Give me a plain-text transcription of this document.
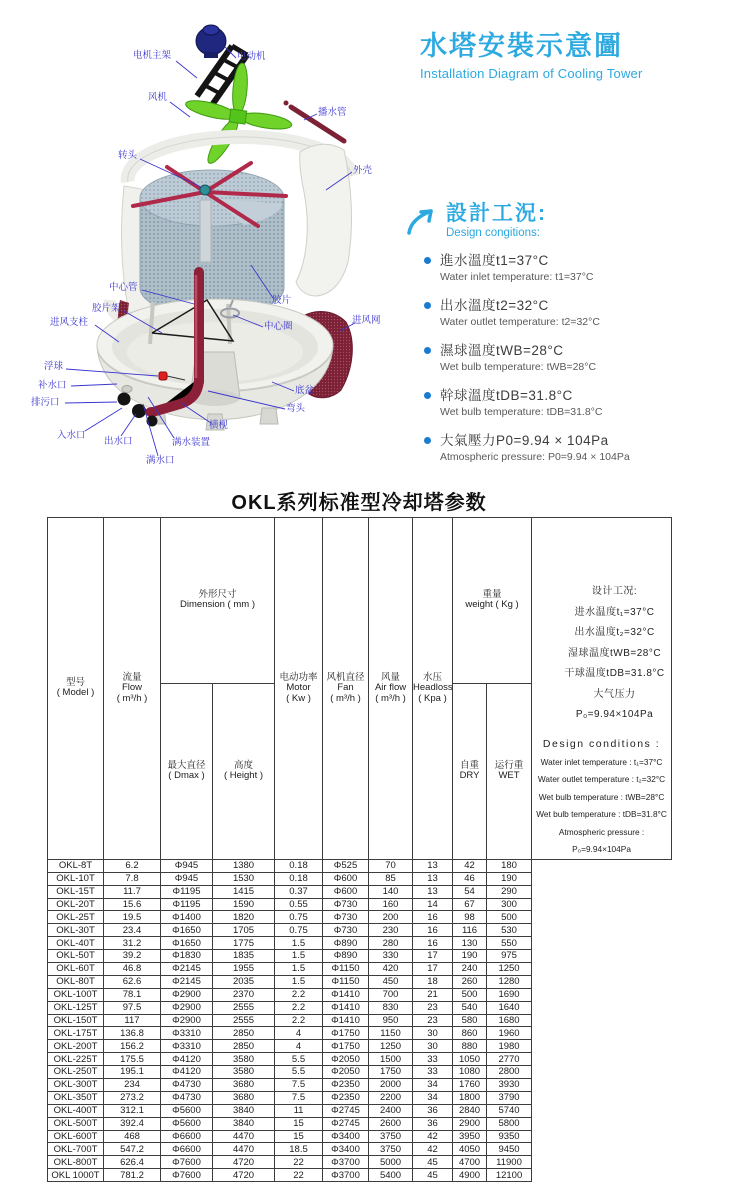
电机主架	电动机
风机
播水管
转头
外壳
中心管
胶片
胶片架
进风支柱	中心圈
进风网
浮球
补水口
排污口
入水口
出水口	满水装置
满水口
底盆
弯头
横枧
水塔安裝示意圖
Installation Diagram of Cooling Tower
設計工況:
Design congitions:
進水溫度t1=37°C
Water inlet temperature: t1=37°C
出水溫度t2=32°C
Water outlet temperature: t2=32°C
濕球溫度tWB=28°C
Wet bulb temperature: tWB=28°C
幹球溫度tDB=31.8°C
Wet bulb temperature: tDB=31.8°C
大氣壓力P0=9.94 × 104Pa
Atmospheric pressure: P0=9.94 × 104Pa
OKL系列标准型冷却塔参数
型号
( Model )

流量
Flow
( m³/h )

外形尺寸
Dimension ( mm )

电动功率
Motor
( Kw )

风机直径
Fan
( m³/h )

风量
Air flow
( m³/h )

水压
Headloss
( Kpa )

重量
weight ( Kg )

设计工况:
进水温度t₁=37°C
出水温度t₂=32°C
湿球温度tWB=28°C
干球温度tDB=31.8°C
大气压力P₀=9.94×104Pa
Design conditions :
Water inlet temperature : t₁=37°C
Water outlet temperature : t₂=32°C
Wet bulb temperature : tWB=28°C
Wet bulb temperature : tDB=31.8°C
Atmospheric pressure : P₀=9.94×104Pa

最大直径
( Dmax )

高度
( Height )

自重
DRY

运行重
WET

OKL-8T	6.2	Φ945	1380	0.18	Φ525	70	13	42	180	
OKL-10T	7.8	Φ945	1530	0.18	Φ600	85	13	46	190	
OKL-15T	11.7	Φ1195	1415	0.37	Φ600	140	13	54	290	
OKL-20T	15.6	Φ1195	1590	0.55	Φ730	160	14	67	300	
OKL-25T	19.5	Φ1400	1820	0.75	Φ730	200	16	98	500	
OKL-30T	23.4	Φ1650	1705	0.75	Φ730	230	16	116	530	
OKL-40T	31.2	Φ1650	1775	1.5	Φ890	280	16	130	550	
OKL-50T	39.2	Φ1830	1835	1.5	Φ890	330	17	190	975	
OKL-60T	46.8	Φ2145	1955	1.5	Φ1150	420	17	240	1250	
OKL-80T	62.6	Φ2145	2035	1.5	Φ1150	450	18	260	1280	
OKL-100T	78.1	Φ2900	2370	2.2	Φ1410	700	21	500	1690	
OKL-125T	97.5	Φ2900	2555	2.2	Φ1410	830	23	540	1640	
OKL-150T	117	Φ2900	2555	2.2	Φ1410	950	23	580	1680	
OKL-175T	136.8	Φ3310	2850	4	Φ1750	1150	30	860	1960	
OKL-200T	156.2	Φ3310	2850	4	Φ1750	1250	30	880	1980	
OKL-225T	175.5	Φ4120	3580	5.5	Φ2050	1500	33	1050	2770	
OKL-250T	195.1	Φ4120	3580	5.5	Φ2050	1750	33	1080	2800	
OKL-300T	234	Φ4730	3680	7.5	Φ2350	2000	34	1760	3930	
OKL-350T	273.2	Φ4730	3680	7.5	Φ2350	2200	34	1800	3790	
OKL-400T	312.1	Φ5600	3840	11	Φ2745	2400	36	2840	5740	
OKL-500T	392.4	Φ5600	3840	15	Φ2745	2600	36	2900	5800	
OKL-600T	468	Φ6600	4470	15	Φ3400	3750	42	3950	9350	
OKL-700T	547.2	Φ6600	4470	18.5	Φ3400	3750	42	4050	9450	
OKL-800T	626.4	Φ7600	4720	22	Φ3700	5000	45	4700	11900	
OKL 1000T	781.2	Φ7600	4720	22	Φ3700	5400	45	4900	12100	
